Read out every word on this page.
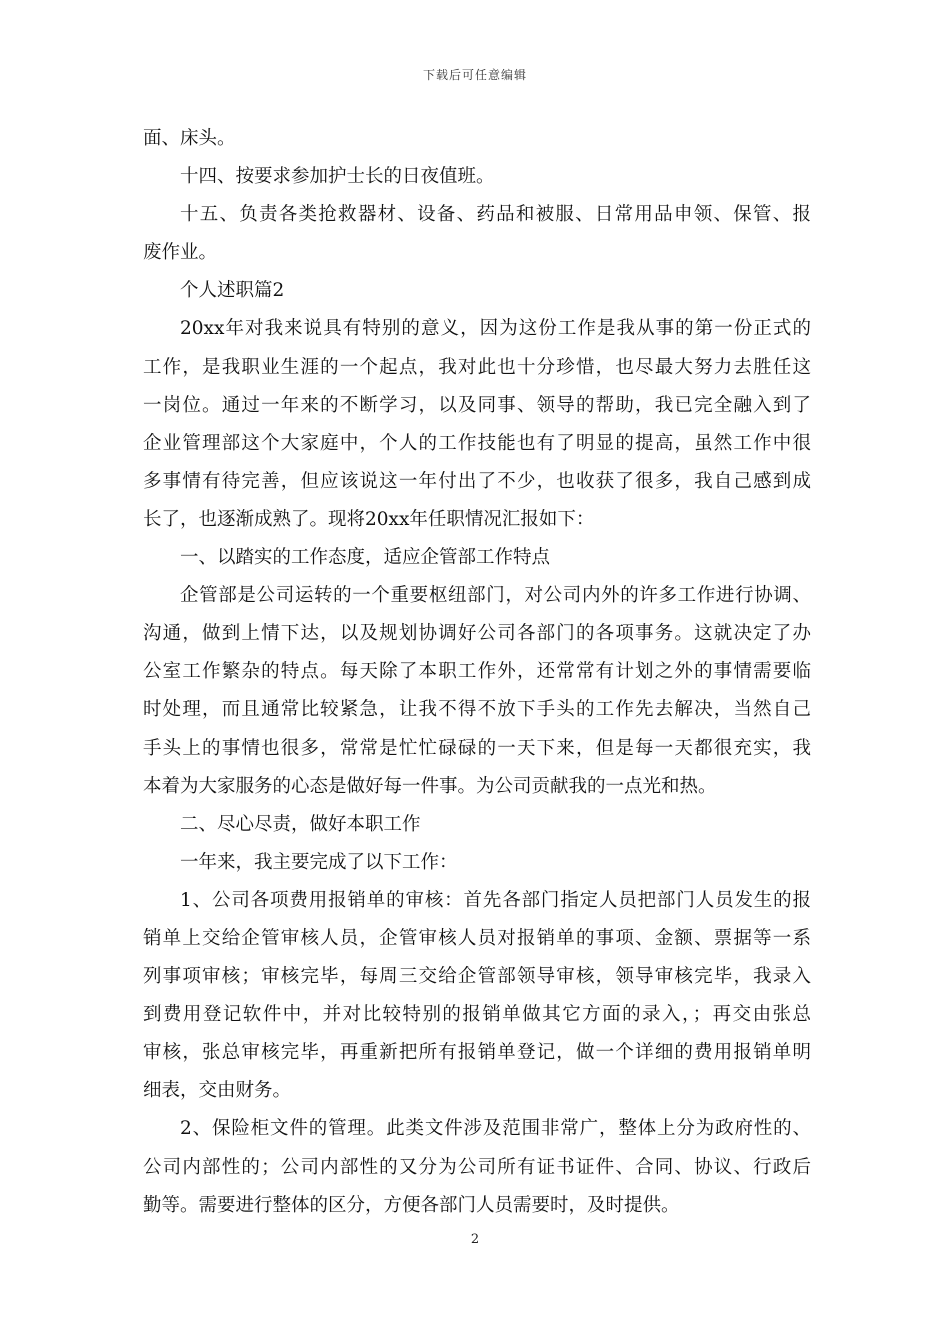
下载后可任意编辑
面、床头。
十四、按要求参加护士长的日夜值班。
十五、负责各类抢救器材、设备、药品和被服、日常用品申领、保管、报
废作业。
个人述职篇2
20xx年对我来说具有特别的意义，因为这份工作是我从事的第一份正式的
工作，是我职业生涯的一个起点，我对此也十分珍惜，也尽最大努力去胜任这
一岗位。通过一年来的不断学习，以及同事、领导的帮助，我已完全融入到了
企业管理部这个大家庭中，个人的工作技能也有了明显的提高，虽然工作中很
多事情有待完善，但应该说这一年付出了不少，也收获了很多，我自己感到成
长了，也逐渐成熟了。现将20xx年任职情况汇报如下：
一、以踏实的工作态度，适应企管部工作特点
企管部是公司运转的一个重要枢纽部门，对公司内外的许多工作进行协调、
沟通，做到上情下达，以及规划协调好公司各部门的各项事务。这就决定了办
公室工作繁杂的特点。每天除了本职工作外，还常常有计划之外的事情需要临
时处理，而且通常比较紧急，让我不得不放下手头的工作先去解决，当然自己
手头上的事情也很多，常常是忙忙碌碌的一天下来，但是每一天都很充实，我
本着为大家服务的心态是做好每一件事。为公司贡献我的一点光和热。
二、尽心尽责，做好本职工作
一年来，我主要完成了以下工作：
1、公司各项费用报销单的审核：首先各部门指定人员把部门人员发生的报
销单上交给企管审核人员，企管审核人员对报销单的事项、金额、票据等一系
列事项审核；审核完毕，每周三交给企管部领导审核，领导审核完毕，我录入
到费用登记软件中，并对比较特别的报销单做其它方面的录入，；再交由张总
审核，张总审核完毕，再重新把所有报销单登记，做一个详细的费用报销单明
细表，交由财务。
2、保险柜文件的管理。此类文件涉及范围非常广，整体上分为政府性的、
公司内部性的；公司内部性的又分为公司所有证书证件、合同、协议、行政后
勤等。需要进行整体的区分，方便各部门人员需要时，及时提供。
2
